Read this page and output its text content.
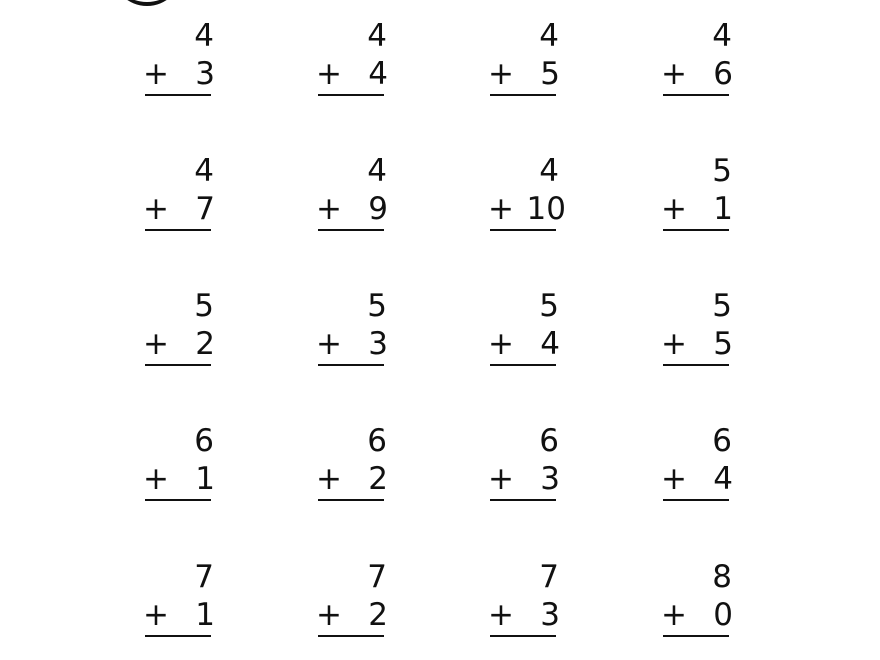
4
+ 3
4
+ 4
4
+ 5
4
+ 6
4
+ 7
4
+ 9
4
+ 10
5
+ 1
5
+ 2
5
+ 3
5
+ 4
5
+ 5
6
+ 1
6
+ 2
6
+ 3
6
+ 4
7
+ 1
7
+ 2
7
+ 3
8
+ 0
